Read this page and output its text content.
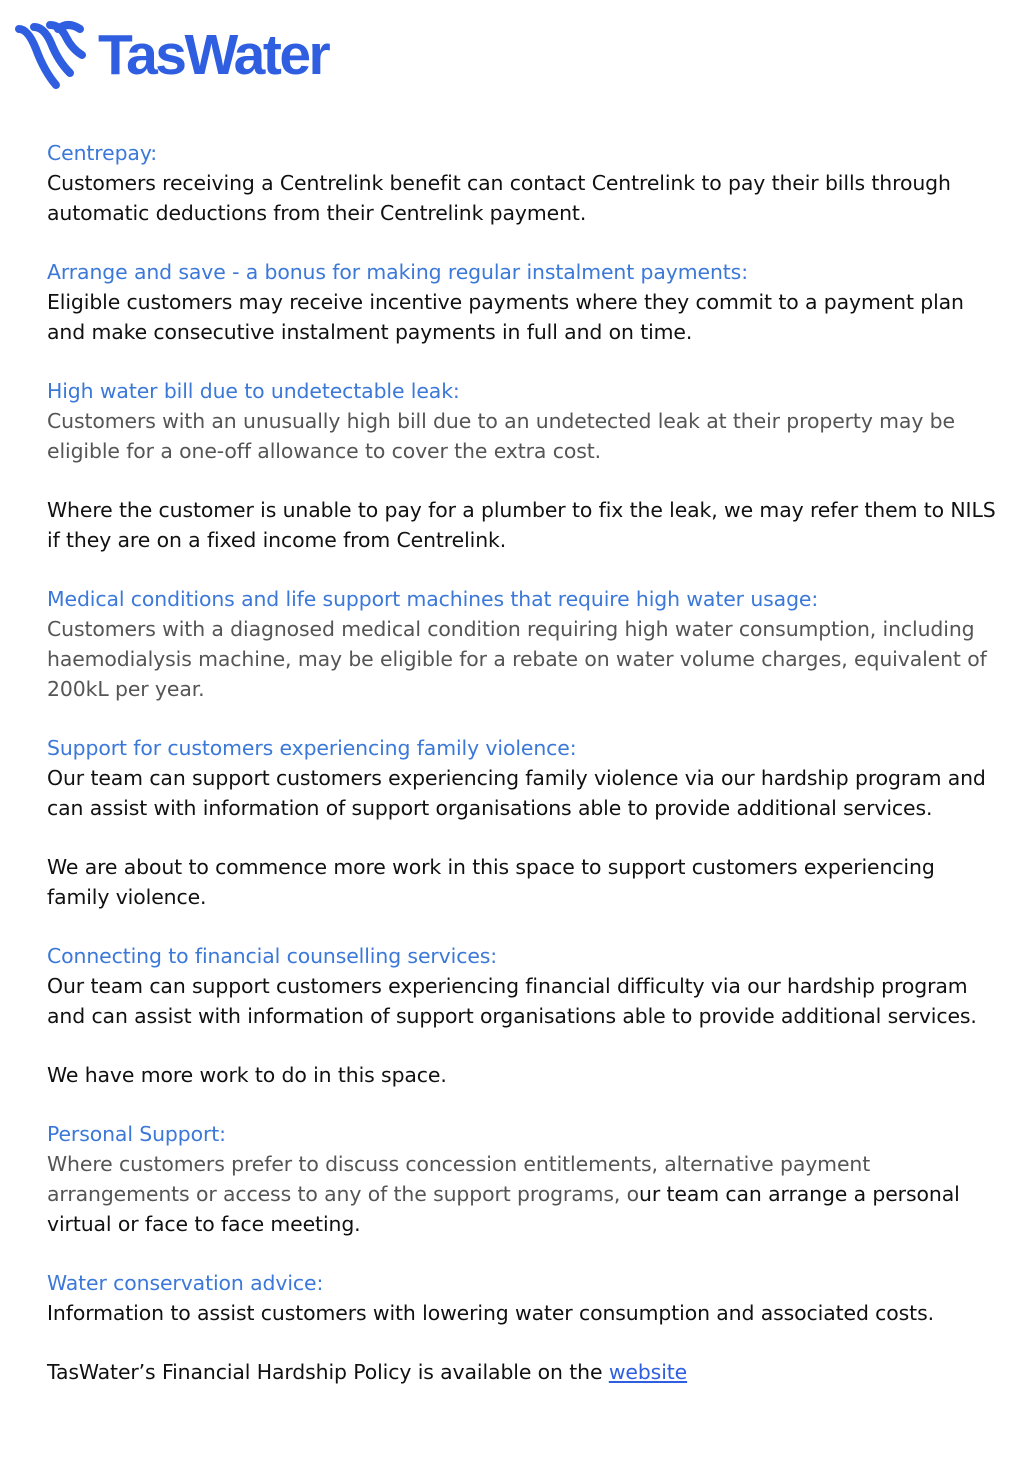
TasWater
Centrepay:
Customers receiving a Centrelink benefit can contact Centrelink to pay their bills through automatic deductions from their Centrelink payment.
Arrange and save - a bonus for making regular instalment payments:
Eligible customers may receive incentive payments where they commit to a payment plan and make consecutive instalment payments in full and on time.
High water bill due to undetectable leak:
Customers with an unusually high bill due to an undetected leak at their property may be eligible for a one-off allowance to cover the extra cost.
Where the customer is unable to pay for a plumber to fix the leak, we may refer them to NILS if they are on a fixed income from Centrelink.
Medical conditions and life support machines that require high water usage:
Customers with a diagnosed medical condition requiring high water consumption, including haemodialysis machine, may be eligible for a rebate on water volume charges, equivalent of 200kL per year.
Support for customers experiencing family violence:
Our team can support customers experiencing family violence via our hardship program and can assist with information of support organisations able to provide additional services.
We are about to commence more work in this space to support customers experiencing family violence.
Connecting to financial counselling services:
Our team can support customers experiencing financial difficulty via our hardship program and can assist with information of support organisations able to provide additional services.
We have more work to do in this space.
Personal Support:
Where customers prefer to discuss concession entitlements, alternative payment arrangements or access to any of the support programs, our team can arrange a personal virtual or face to face meeting.
Water conservation advice:
Information to assist customers with lowering water consumption and associated costs.
TasWater’s Financial Hardship Policy is available on the website
